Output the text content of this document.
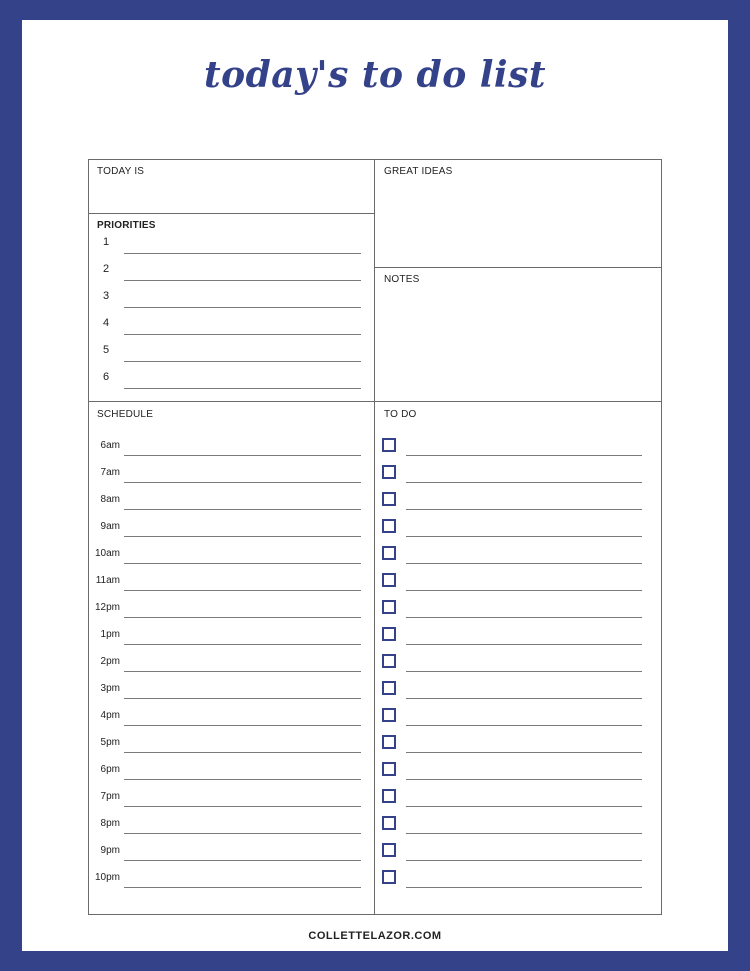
today's to do list
TODAY IS	GREAT IDEAS
PRIORITIES
NOTES
SCHEDULE	TO DO
1
2
3
4
5
6
6am
7am
8am
9am
10am
11am
12pm
1pm
2pm
3pm
4pm
5pm
6pm
7pm
8pm
9pm
10pm
COLLETTELAZOR.COM
